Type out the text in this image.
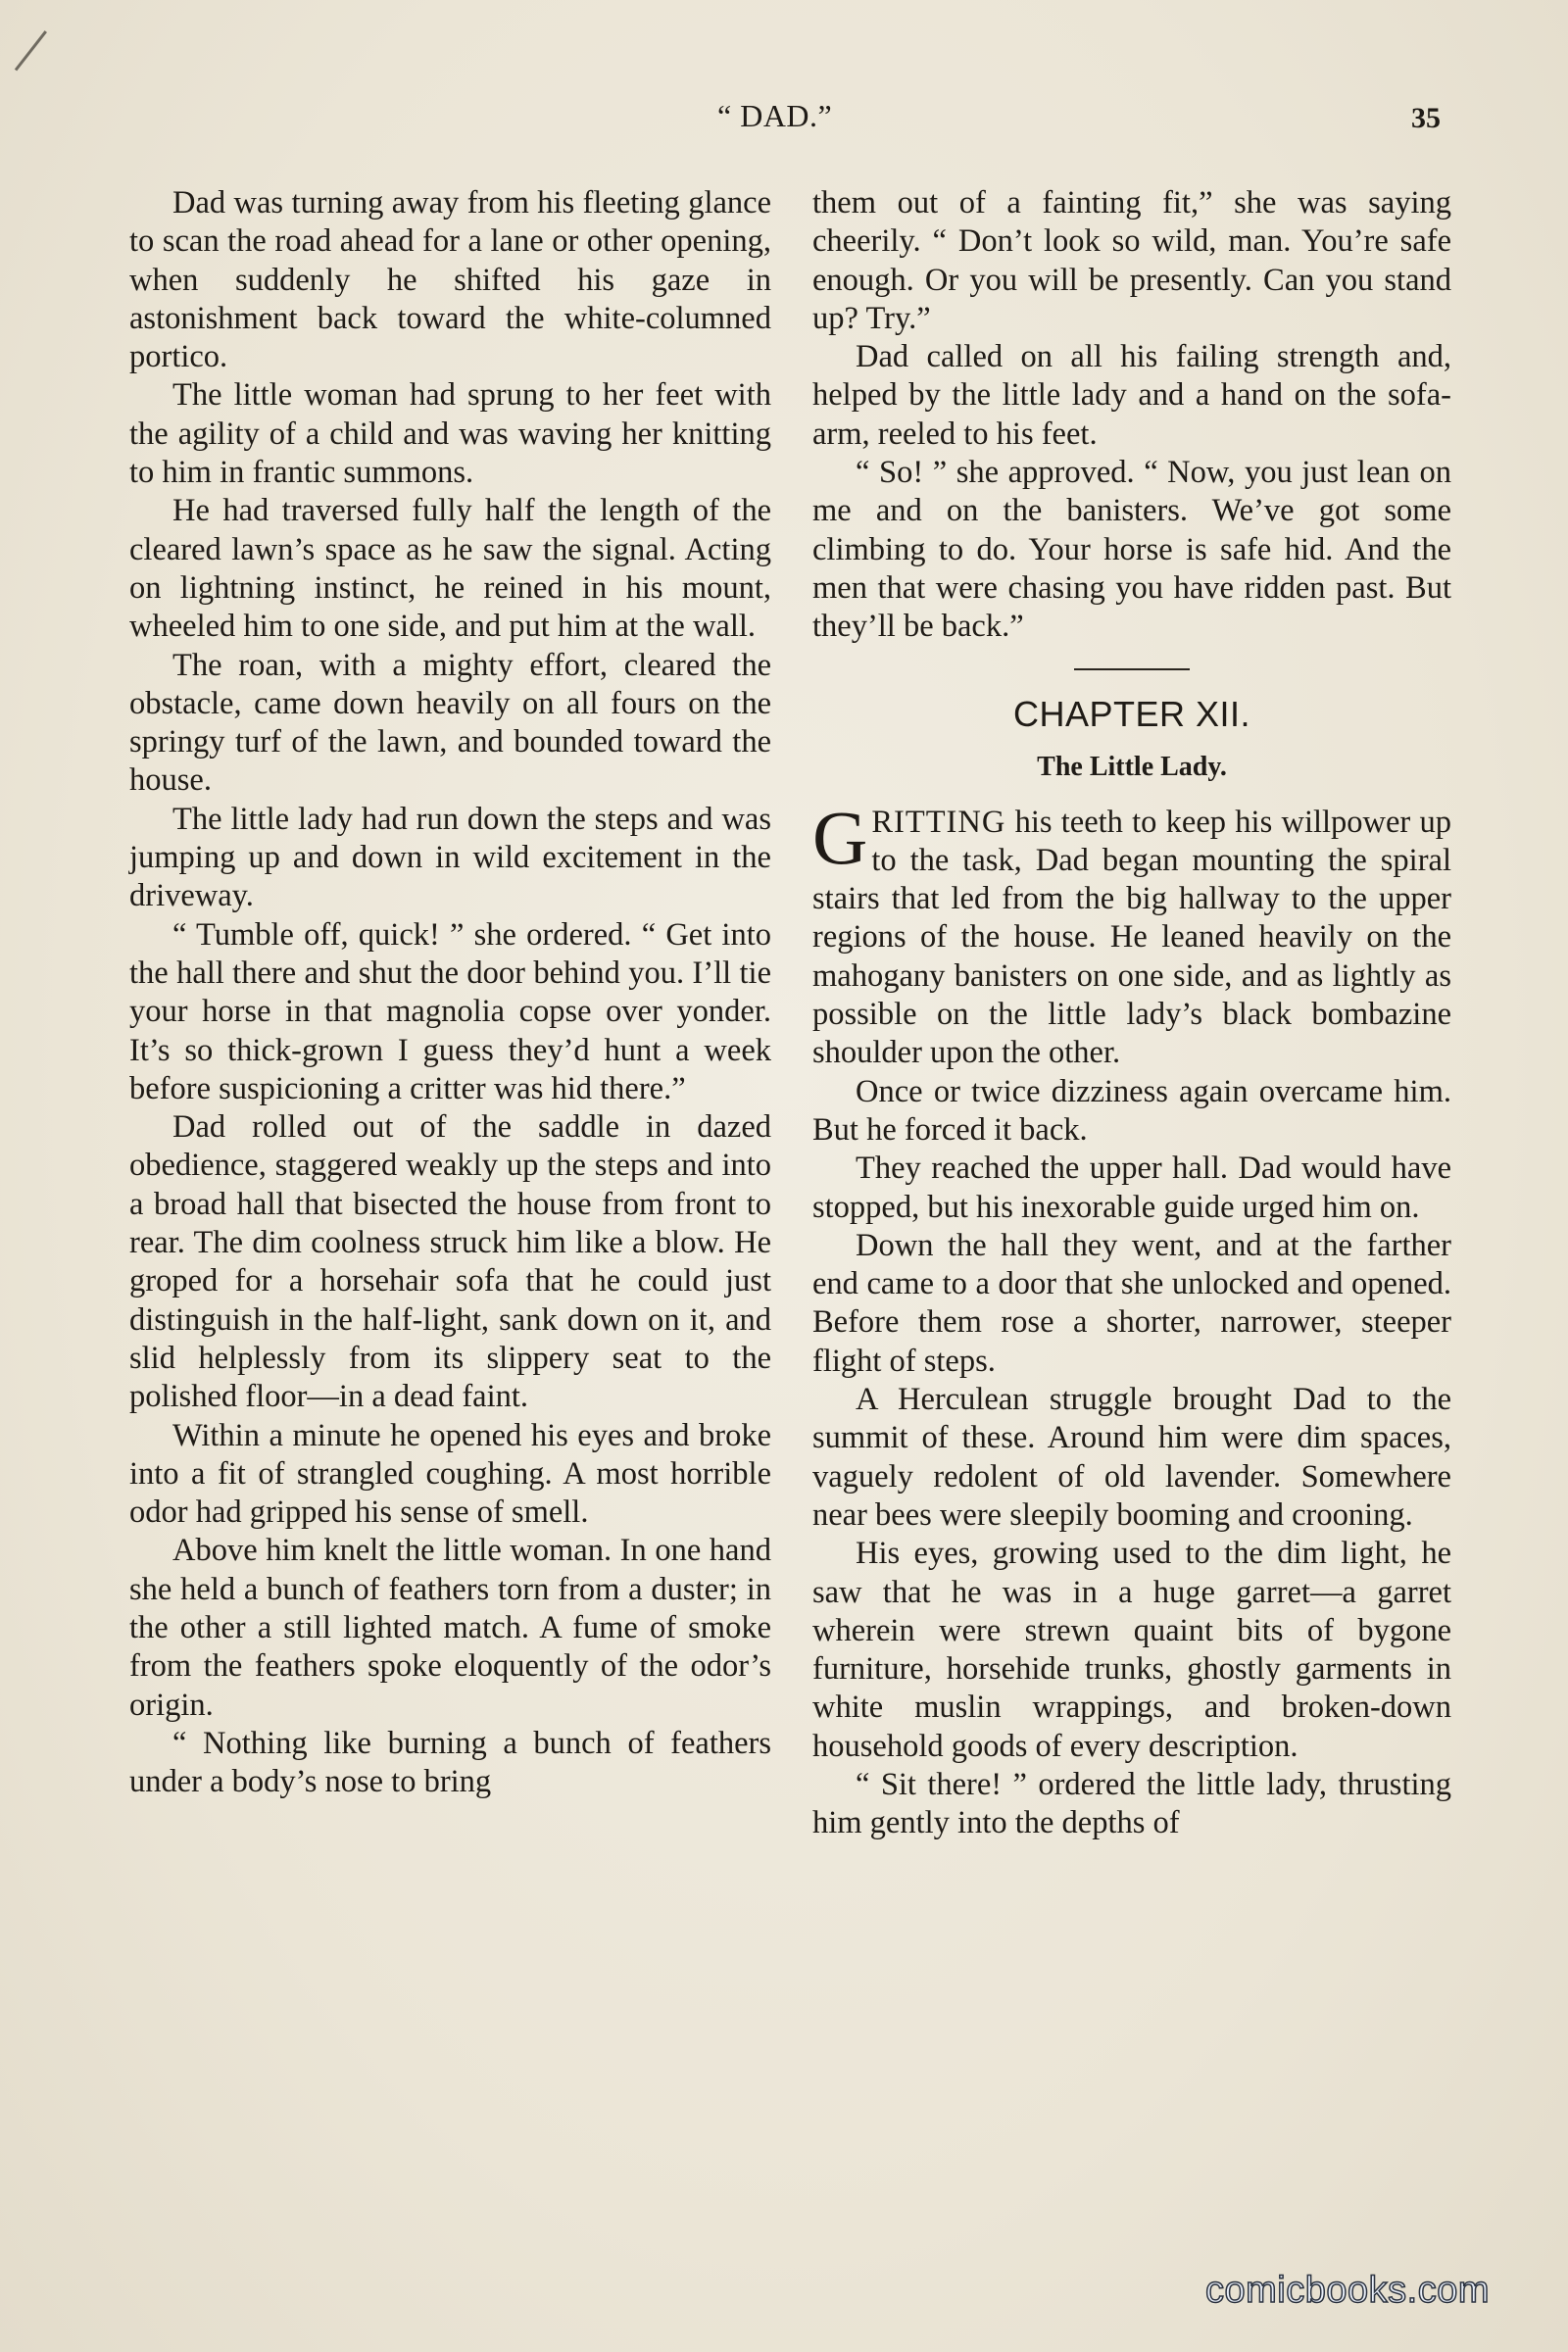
“ DAD.”	35

Dad was turning away from his fleeting glance to scan the road ahead for a lane or other opening, when suddenly he shifted his gaze in astonishment back toward the white-columned portico.

The little woman had sprung to her feet with the agility of a child and was waving her knitting to him in frantic summons.

He had traversed fully half the length of the cleared lawn’s space as he saw the signal. Acting on lightning instinct, he reined in his mount, wheeled him to one side, and put him at the wall.

The roan, with a mighty effort, cleared the obstacle, came down heavily on all fours on the springy turf of the lawn, and bounded toward the house.

The little lady had run down the steps and was jumping up and down in wild excitement in the driveway.

“ Tumble off, quick! ” she ordered. “ Get into the hall there and shut the door behind you. I’ll tie your horse in that magnolia copse over yonder. It’s so thick-grown I guess they’d hunt a week before suspicioning a critter was hid there.”

Dad rolled out of the saddle in dazed obedience, staggered weakly up the steps and into a broad hall that bisected the house from front to rear. The dim coolness struck him like a blow. He groped for a horsehair sofa that he could just distinguish in the half-light, sank down on it, and slid helplessly from its slippery seat to the polished floor—in a dead faint.

Within a minute he opened his eyes and broke into a fit of strangled coughing. A most horrible odor had gripped his sense of smell.

Above him knelt the little woman. In one hand she held a bunch of feathers torn from a duster; in the other a still lighted match. A fume of smoke from the feathers spoke eloquently of the odor’s origin.

“ Nothing like burning a bunch of feathers under a body’s nose to bring

them out of a fainting fit,” she was saying cheerily. “ Don’t look so wild, man. You’re safe enough. Or you will be presently. Can you stand up? Try.”

Dad called on all his failing strength and, helped by the little lady and a hand on the sofa-arm, reeled to his feet.

“ So! ” she approved. “ Now, you just lean on me and on the banisters. We’ve got some climbing to do. Your horse is safe hid. And the men that were chasing you have ridden past. But they’ll be back.”

CHAPTER XII.
The Little Lady.

GRITTING his teeth to keep his willpower up to the task, Dad began mounting the spiral stairs that led from the big hallway to the upper regions of the house. He leaned heavily on the mahogany banisters on one side, and as lightly as possible on the little lady’s black bombazine shoulder upon the other.

Once or twice dizziness again overcame him. But he forced it back.

They reached the upper hall. Dad would have stopped, but his inexorable guide urged him on.

Down the hall they went, and at the farther end came to a door that she unlocked and opened. Before them rose a shorter, narrower, steeper flight of steps.

A Herculean struggle brought Dad to the summit of these. Around him were dim spaces, vaguely redolent of old lavender. Somewhere near bees were sleepily booming and crooning.

His eyes, growing used to the dim light, he saw that he was in a huge garret—a garret wherein were strewn quaint bits of bygone furniture, horsehide trunks, ghostly garments in white muslin wrappings, and broken-down household goods of every description.

“ Sit there! ” ordered the little lady, thrusting him gently into the depths of

comicbooks.com
